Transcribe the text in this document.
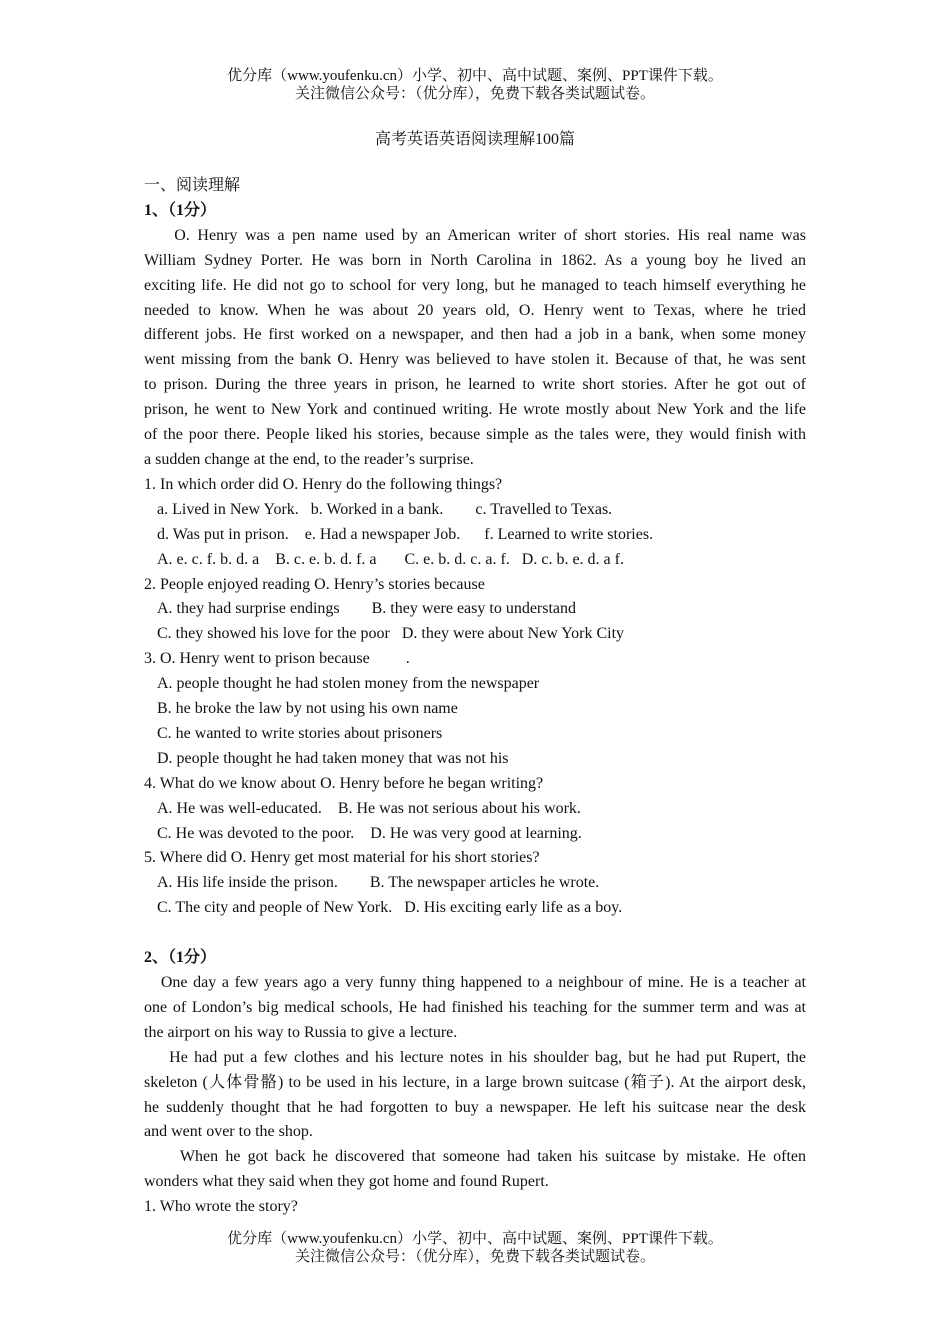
优分库（www.youfenku.cn）小学、初中、高中试题、案例、PPT课件下载。
关注微信公众号：（优分库），免费下载各类试题试卷。
高考英语英语阅读理解100篇
一、阅读理解
1、（1分）
O. Henry was a pen name used by an American writer of short stories. His real name was
William Sydney Porter. He was born in North Carolina in 1862. As a young boy he lived an
exciting life. He did not go to school for very long, but he managed to teach himself everything he
needed to know. When he was about 20 years old, O. Henry went to Texas, where he tried
different jobs. He first worked on a newspaper, and then had a job in a bank, when some money
went missing from the bank O. Henry was believed to have stolen it. Because of that, he was sent
to prison. During the three years in prison, he learned to write short stories. After he got out of
prison, he went to New York and continued writing. He wrote mostly about New York and the life
of the poor there. People liked his stories, because simple as the tales were, they would finish with
a sudden change at the end, to the reader’s surprise.
1. In which order did O. Henry do the following things?
a. Lived in New York.   b. Worked in a bank.        c. Travelled to Texas.
d. Was put in prison.    e. Had a newspaper Job.      f. Learned to write stories.
A. e. c. f. b. d. a    B. c. e. b. d. f. a       C. e. b. d. c. a. f.   D. c. b. e. d. a f.
2. People enjoyed reading O. Henry’s stories because
A. they had surprise endings        B. they were easy to understand
C. they showed his love for the poor   D. they were about New York City
3. O. Henry went to prison because         .
A. people thought he had stolen money from the newspaper
B. he broke the law by not using his own name
C. he wanted to write stories about prisoners
D. people thought he had taken money that was not his
4. What do we know about O. Henry before he began writing?
A. He was well-educated.    B. He was not serious about his work.
C. He was devoted to the poor.    D. He was very good at learning.
5. Where did O. Henry get most material for his short stories?
A. His life inside the prison.        B. The newspaper articles he wrote.
C. The city and people of New York.   D. His exciting early life as a boy.
2、（1分）
One day a few years ago a very funny thing happened to a neighbour of mine. He is a teacher at
one of London’s big medical schools, He had finished his teaching for the summer term and was at
the airport on his way to Russia to give a lecture.
He had put a few clothes and his lecture notes in his shoulder bag, but he had put Rupert, the
skeleton (人体骨骼) to be used in his lecture, in a large brown suitcase (箱子). At the airport desk,
he suddenly thought that he had forgotten to buy a newspaper. He left his suitcase near the desk
and went over to the shop.
When he got back he discovered that someone had taken his suitcase by mistake. He often
wonders what they said when they got home and found Rupert.
1. Who wrote the story?
优分库（www.youfenku.cn）小学、初中、高中试题、案例、PPT课件下载。
关注微信公众号：（优分库），免费下载各类试题试卷。
